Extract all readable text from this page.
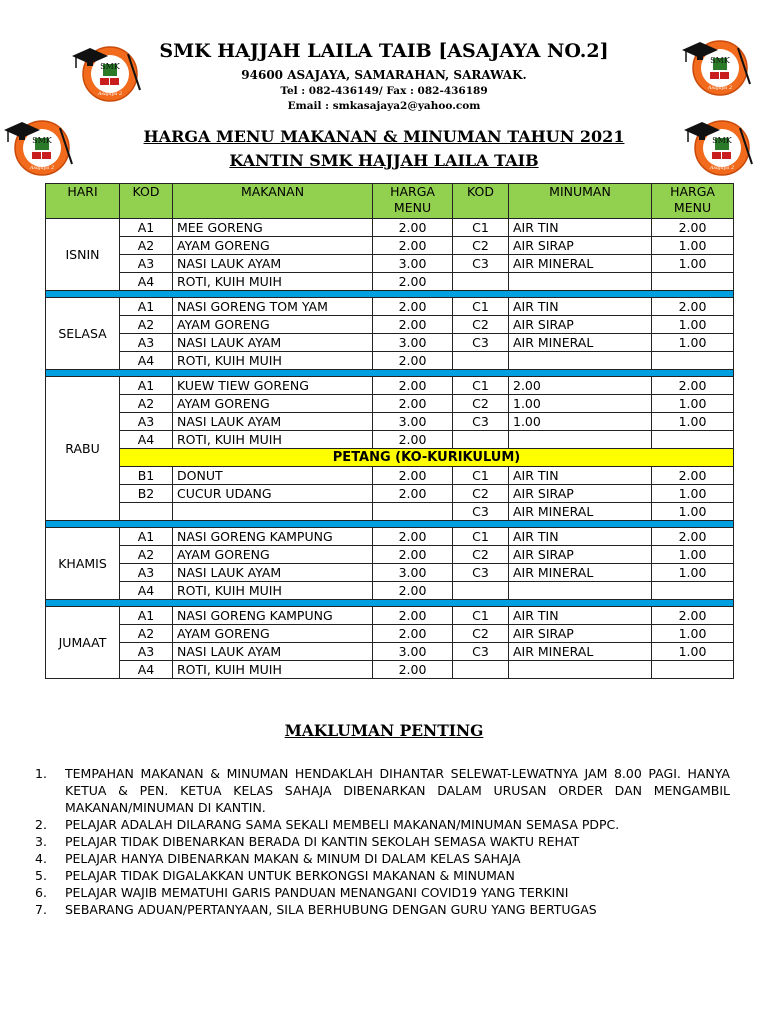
SMK
Asajaya 2
SMK
Asajaya 2
SMK
Asajaya 2
SMK
Asajaya 2
SMK HAJJAH LAILA TAIB [ASAJAYA NO.2]
94600 ASAJAYA, SAMARAHAN, SARAWAK.
Tel : 082-436149/ Fax : 082-436189
Email : smkasajaya2@yahoo.com
HARGA MENU MAKANAN & MINUMAN TAHUN 2021
KANTIN SMK HAJJAH LAILA TAIB
HARI	KOD	MAKANAN	HARGA MENU	KOD	MINUMAN	HARGA MENU
ISNIN	A1	MEE GORENG	2.00	C1	AIR TIN	2.00
	A2	AYAM GORENG	2.00	C2	AIR SIRAP	1.00
	A3	NASI LAUK AYAM	3.00	C3	AIR MINERAL	1.00
	A4	ROTI, KUIH MUIH	2.00			

SELASA	A1	NASI GORENG TOM YAM	2.00	C1	AIR TIN	2.00
	A2	AYAM GORENG	2.00	C2	AIR SIRAP	1.00
	A3	NASI LAUK AYAM	3.00	C3	AIR MINERAL	1.00
	A4	ROTI, KUIH MUIH	2.00			

RABU	A1	KUEW TIEW GORENG	2.00	C1	2.00	2.00
	A2	AYAM GORENG	2.00	C2	1.00	1.00
	A3	NASI LAUK AYAM	3.00	C3	1.00	1.00
	A4	ROTI, KUIH MUIH	2.00			
	PETANG (KO-KURIKULUM)					
	B1	DONUT	2.00	C1	AIR TIN	2.00
	B2	CUCUR UDANG	2.00	C2	AIR SIRAP	1.00
				C3	AIR MINERAL	1.00

KHAMIS	A1	NASI GORENG KAMPUNG	2.00	C1	AIR TIN	2.00
	A2	AYAM GORENG	2.00	C2	AIR SIRAP	1.00
	A3	NASI LAUK AYAM	3.00	C3	AIR MINERAL	1.00
	A4	ROTI, KUIH MUIH	2.00			

JUMAAT	A1	NASI GORENG KAMPUNG	2.00	C1	AIR TIN	2.00
	A2	AYAM GORENG	2.00	C2	AIR SIRAP	1.00
	A3	NASI LAUK AYAM	3.00	C3	AIR MINERAL	1.00
	A4	ROTI, KUIH MUIH	2.00			
MAKLUMAN PENTING
1.	TEMPAHAN MAKANAN & MINUMAN HENDAKLAH DIHANTAR SELEWAT-LEWATNYA JAM 8.00 PAGI. HANYA KETUA & PEN. KETUA KELAS SAHAJA DIBENARKAN DALAM URUSAN ORDER DAN MENGAMBIL MAKANAN/MINUMAN DI KANTIN.
2.	PELAJAR ADALAH DILARANG SAMA SEKALI MEMBELI MAKANAN/MINUMAN SEMASA PDPC.
3.	PELAJAR TIDAK DIBENARKAN BERADA DI KANTIN SEKOLAH SEMASA WAKTU REHAT
4.	PELAJAR HANYA DIBENARKAN MAKAN & MINUM DI DALAM KELAS SAHAJA
5.	PELAJAR TIDAK DIGALAKKAN UNTUK BERKONGSI MAKANAN & MINUMAN
6.	PELAJAR WAJIB MEMATUHI GARIS PANDUAN MENANGANI COVID19 YANG TERKINI
7.	SEBARANG ADUAN/PERTANYAAN, SILA BERHUBUNG DENGAN GURU YANG BERTUGAS
